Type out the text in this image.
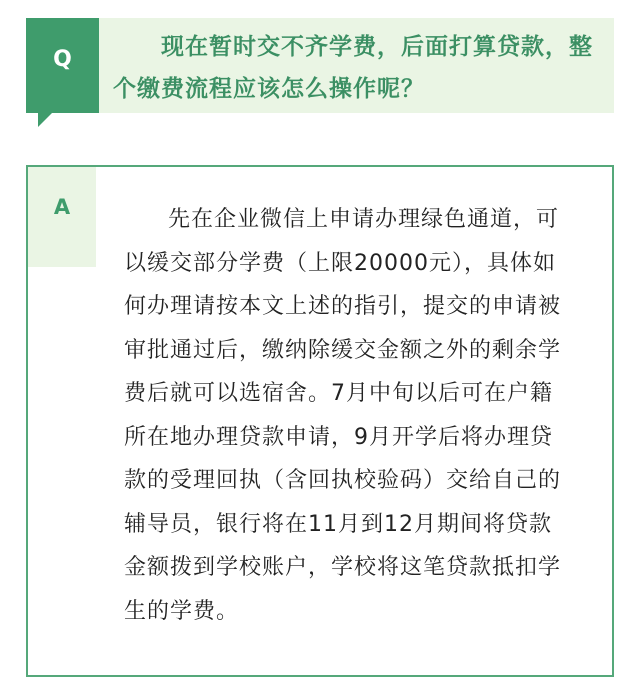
Q	现在暂时交不齐学费，后面打算贷款，整个缴费流程应该怎么操作呢？

A	先在企业微信上申请办理绿色通道，可以缓交部分学费（上限20000元），具体如何办理请按本文上述的指引，提交的申请被审批通过后，缴纳除缓交金额之外的剩余学费后就可以选宿舍。7月中旬以后可在户籍所在地办理贷款申请，9月开学后将办理贷款的受理回执（含回执校验码）交给自己的辅导员，银行将在11月到12月期间将贷款金额拨到学校账户，学校将这笔贷款抵扣学生的学费。
